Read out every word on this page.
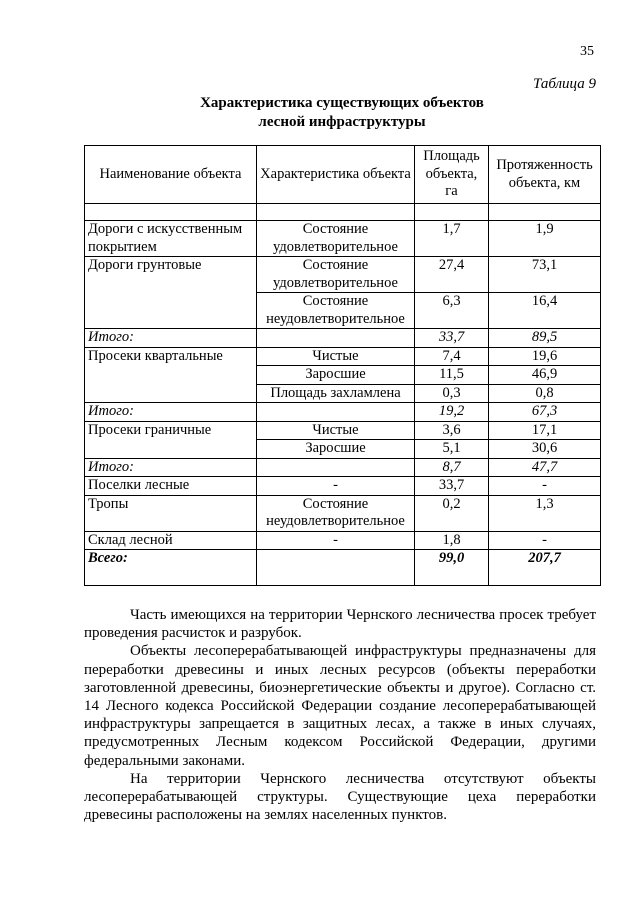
35
Таблица 9
Характеристика существующих объектов
лесной инфраструктуры
Наименование объекта	Характеристика объекта	Площадь объекта, га	Протяженность объекта, км

Дороги с искусственным покрытием	Состояние удовлетворительное	1,7	1,9
Дороги грунтовые	Состояние удовлетворительное	27,4	73,1
	Состояние неудовлетворительное	6,3	16,4
Итого:		33,7	89,5
Просеки квартальные	Чистые	7,4	19,6
	Заросшие	11,5	46,9
	Площадь захламлена	0,3	0,8
Итого:		19,2	67,3
Просеки граничные	Чистые	3,6	17,1
	Заросшие	5,1	30,6
Итого:		8,7	47,7
Поселки лесные	-	33,7	-
Тропы	Состояние неудовлетворительное	0,2	1,3
Склад лесной	-	1,8	-
Всего:		99,0	207,7

Часть имеющихся на территории Чернского лесничества просек требует проведения расчисток и разрубок.

Объекты лесоперерабатывающей инфраструктуры предназначены для переработки древесины и иных лесных ресурсов (объекты переработки заготовленной древесины, биоэнергетические объекты и другое). Согласно ст. 14 Лесного кодекса Российской Федерации создание лесоперерабатывающей инфраструктуры запрещается в защитных лесах, а также в иных случаях, предусмотренных Лесным кодексом Российской Федерации, другими федеральными законами.

На территории Чернского лесничества отсутствуют объекты лесоперерабатывающей структуры. Существующие цеха переработки древесины расположены на землях населенных пунктов.
